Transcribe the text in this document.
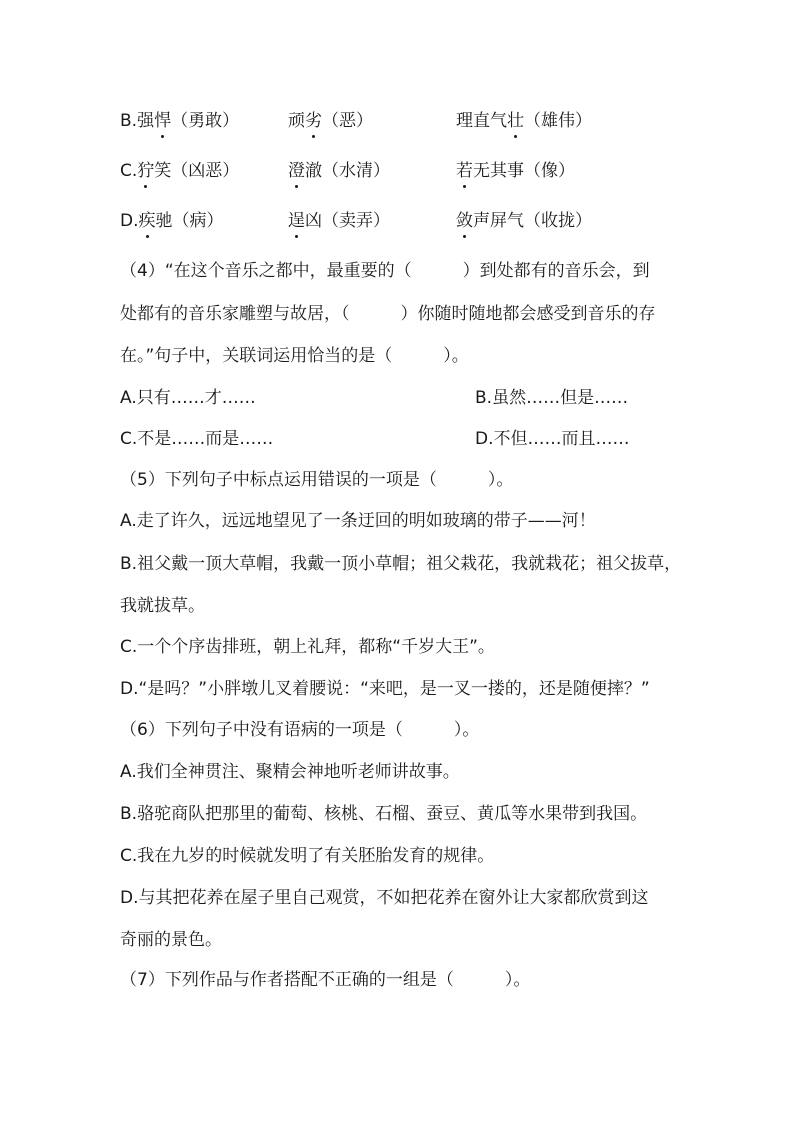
B.强悍（勇敢）	顽劣（恶）	理直气壮（雄伟）
C.狞笑（凶恶）	澄澈（水清）	若无其事（像）
D.疾驰（病）	逞凶（卖弄）	敛声屏气（收拢）
（4）“在这个音乐之都中，最重要的（　　　）到处都有的音乐会，到
处都有的音乐家雕塑与故居，（　　　）你随时随地都会感受到音乐的存
在。”句子中，关联词运用恰当的是（　　　）。
A.只有……才……	B.虽然……但是……
C.不是……而是……	D.不但……而且……
（5）下列句子中标点运用错误的一项是（　　　）。
A.走了许久，远远地望见了一条迂回的明如玻璃的带子——河！
B.祖父戴一顶大草帽，我戴一顶小草帽；祖父栽花，我就栽花；祖父拔草，
我就拔草。
C.一个个序齿排班，朝上礼拜，都称“千岁大王”。
D.“是吗？”小胖墩儿叉着腰说：“来吧，是一叉一搂的，还是随便摔？”
（6）下列句子中没有语病的一项是（　　　）。
A.我们全神贯注、聚精会神地听老师讲故事。
B.骆驼商队把那里的葡萄、核桃、石榴、蚕豆、黄瓜等水果带到我国。
C.我在九岁的时候就发明了有关胚胎发育的规律。
D.与其把花养在屋子里自己观赏，不如把花养在窗外让大家都欣赏到这
奇丽的景色。
（7）下列作品与作者搭配不正确的一组是（　　　）。
